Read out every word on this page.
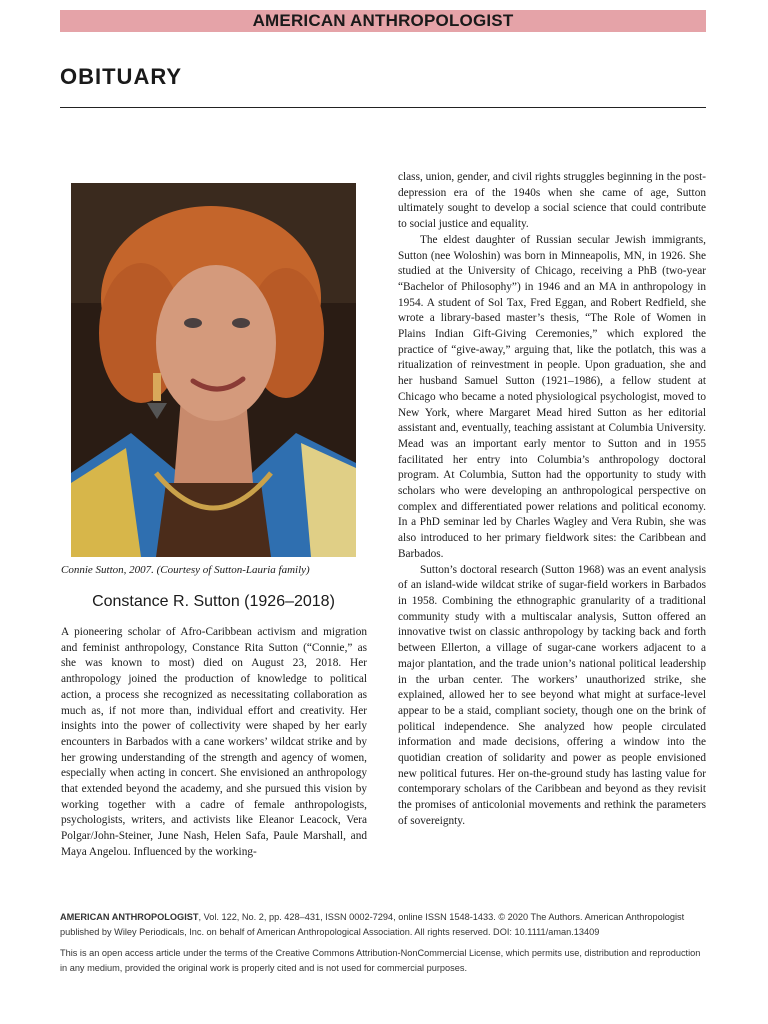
AMERICAN ANTHROPOLOGIST
OBITUARY
Connie Sutton, 2007. (Courtesy of Sutton-Lauria family)
Constance R. Sutton (1926–2018)

A pioneering scholar of Afro-Caribbean activism and migration and feminist anthropology, Constance Rita Sutton (“Connie,” as she was known to most) died on August 23, 2018. Her anthropology joined the production of knowledge to political action, a process she recognized as necessitating collaboration as much as, if not more than, individual effort and creativity. Her insights into the power of collectivity were shaped by her early encounters in Barbados with a cane workers’ wildcat strike and by her growing understanding of the strength and agency of women, especially when acting in concert. She envisioned an anthropology that extended beyond the academy, and she pursued this vision by working together with a cadre of female anthropologists, psychologists, writers, and activists like Eleanor Leacock, Vera Polgar/John-Steiner, June Nash, Helen Safa, Paule Marshall, and Maya Angelou. Influenced by the working-

class, union, gender, and civil rights struggles beginning in the post-depression era of the 1940s when she came of age, Sutton ultimately sought to develop a social science that could contribute to social justice and equality.

The eldest daughter of Russian secular Jewish immigrants, Sutton (nee Woloshin) was born in Minneapolis, MN, in 1926. She studied at the University of Chicago, receiving a PhB (two-year “Bachelor of Philosophy”) in 1946 and an MA in anthropology in 1954. A student of Sol Tax, Fred Eggan, and Robert Redfield, she wrote a library-based master’s thesis, “The Role of Women in Plains Indian Gift-Giving Ceremonies,” which explored the practice of “give-away,” arguing that, like the potlatch, this was a ritualization of reinvestment in people. Upon graduation, she and her husband Samuel Sutton (1921–1986), a fellow student at Chicago who became a noted physiological psychologist, moved to New York, where Margaret Mead hired Sutton as her editorial assistant and, eventually, teaching assistant at Columbia University. Mead was an important early mentor to Sutton and in 1955 facilitated her entry into Columbia’s anthropology doctoral program. At Columbia, Sutton had the opportunity to study with scholars who were developing an anthropological perspective on complex and differentiated power relations and political economy. In a PhD seminar led by Charles Wagley and Vera Rubin, she was also introduced to her primary fieldwork sites: the Caribbean and Barbados.

Sutton’s doctoral research (Sutton 1968) was an event analysis of an island-wide wildcat strike of sugar-field workers in Barbados in 1958. Combining the ethnographic granularity of a traditional community study with a multiscalar analysis, Sutton offered an innovative twist on classic anthropology by tacking back and forth between Ellerton, a village of sugar-cane workers adjacent to a major plantation, and the trade union’s national political leadership in the urban center. The workers’ unauthorized strike, she explained, allowed her to see beyond what might at surface-level appear to be a staid, compliant society, though one on the brink of political independence. She analyzed how people circulated information and made decisions, offering a window into the quotidian creation of solidarity and power as people envisioned new political futures. Her on-the-ground study has lasting value for contemporary scholars of the Caribbean and beyond as they revisit the promises of anticolonial movements and rethink the parameters of sovereignty.

AMERICAN ANTHROPOLOGIST, Vol. 122, No. 2, pp. 428–431, ISSN 0002-7294, online ISSN 1548-1433. © 2020 The Authors. American Anthropologist published by Wiley Periodicals, Inc. on behalf of American Anthropological Association. All rights reserved. DOI: 10.1111/aman.13409
This is an open access article under the terms of the Creative Commons Attribution-NonCommercial License, which permits use, distribution and reproduction in any medium, provided the original work is properly cited and is not used for commercial purposes.
